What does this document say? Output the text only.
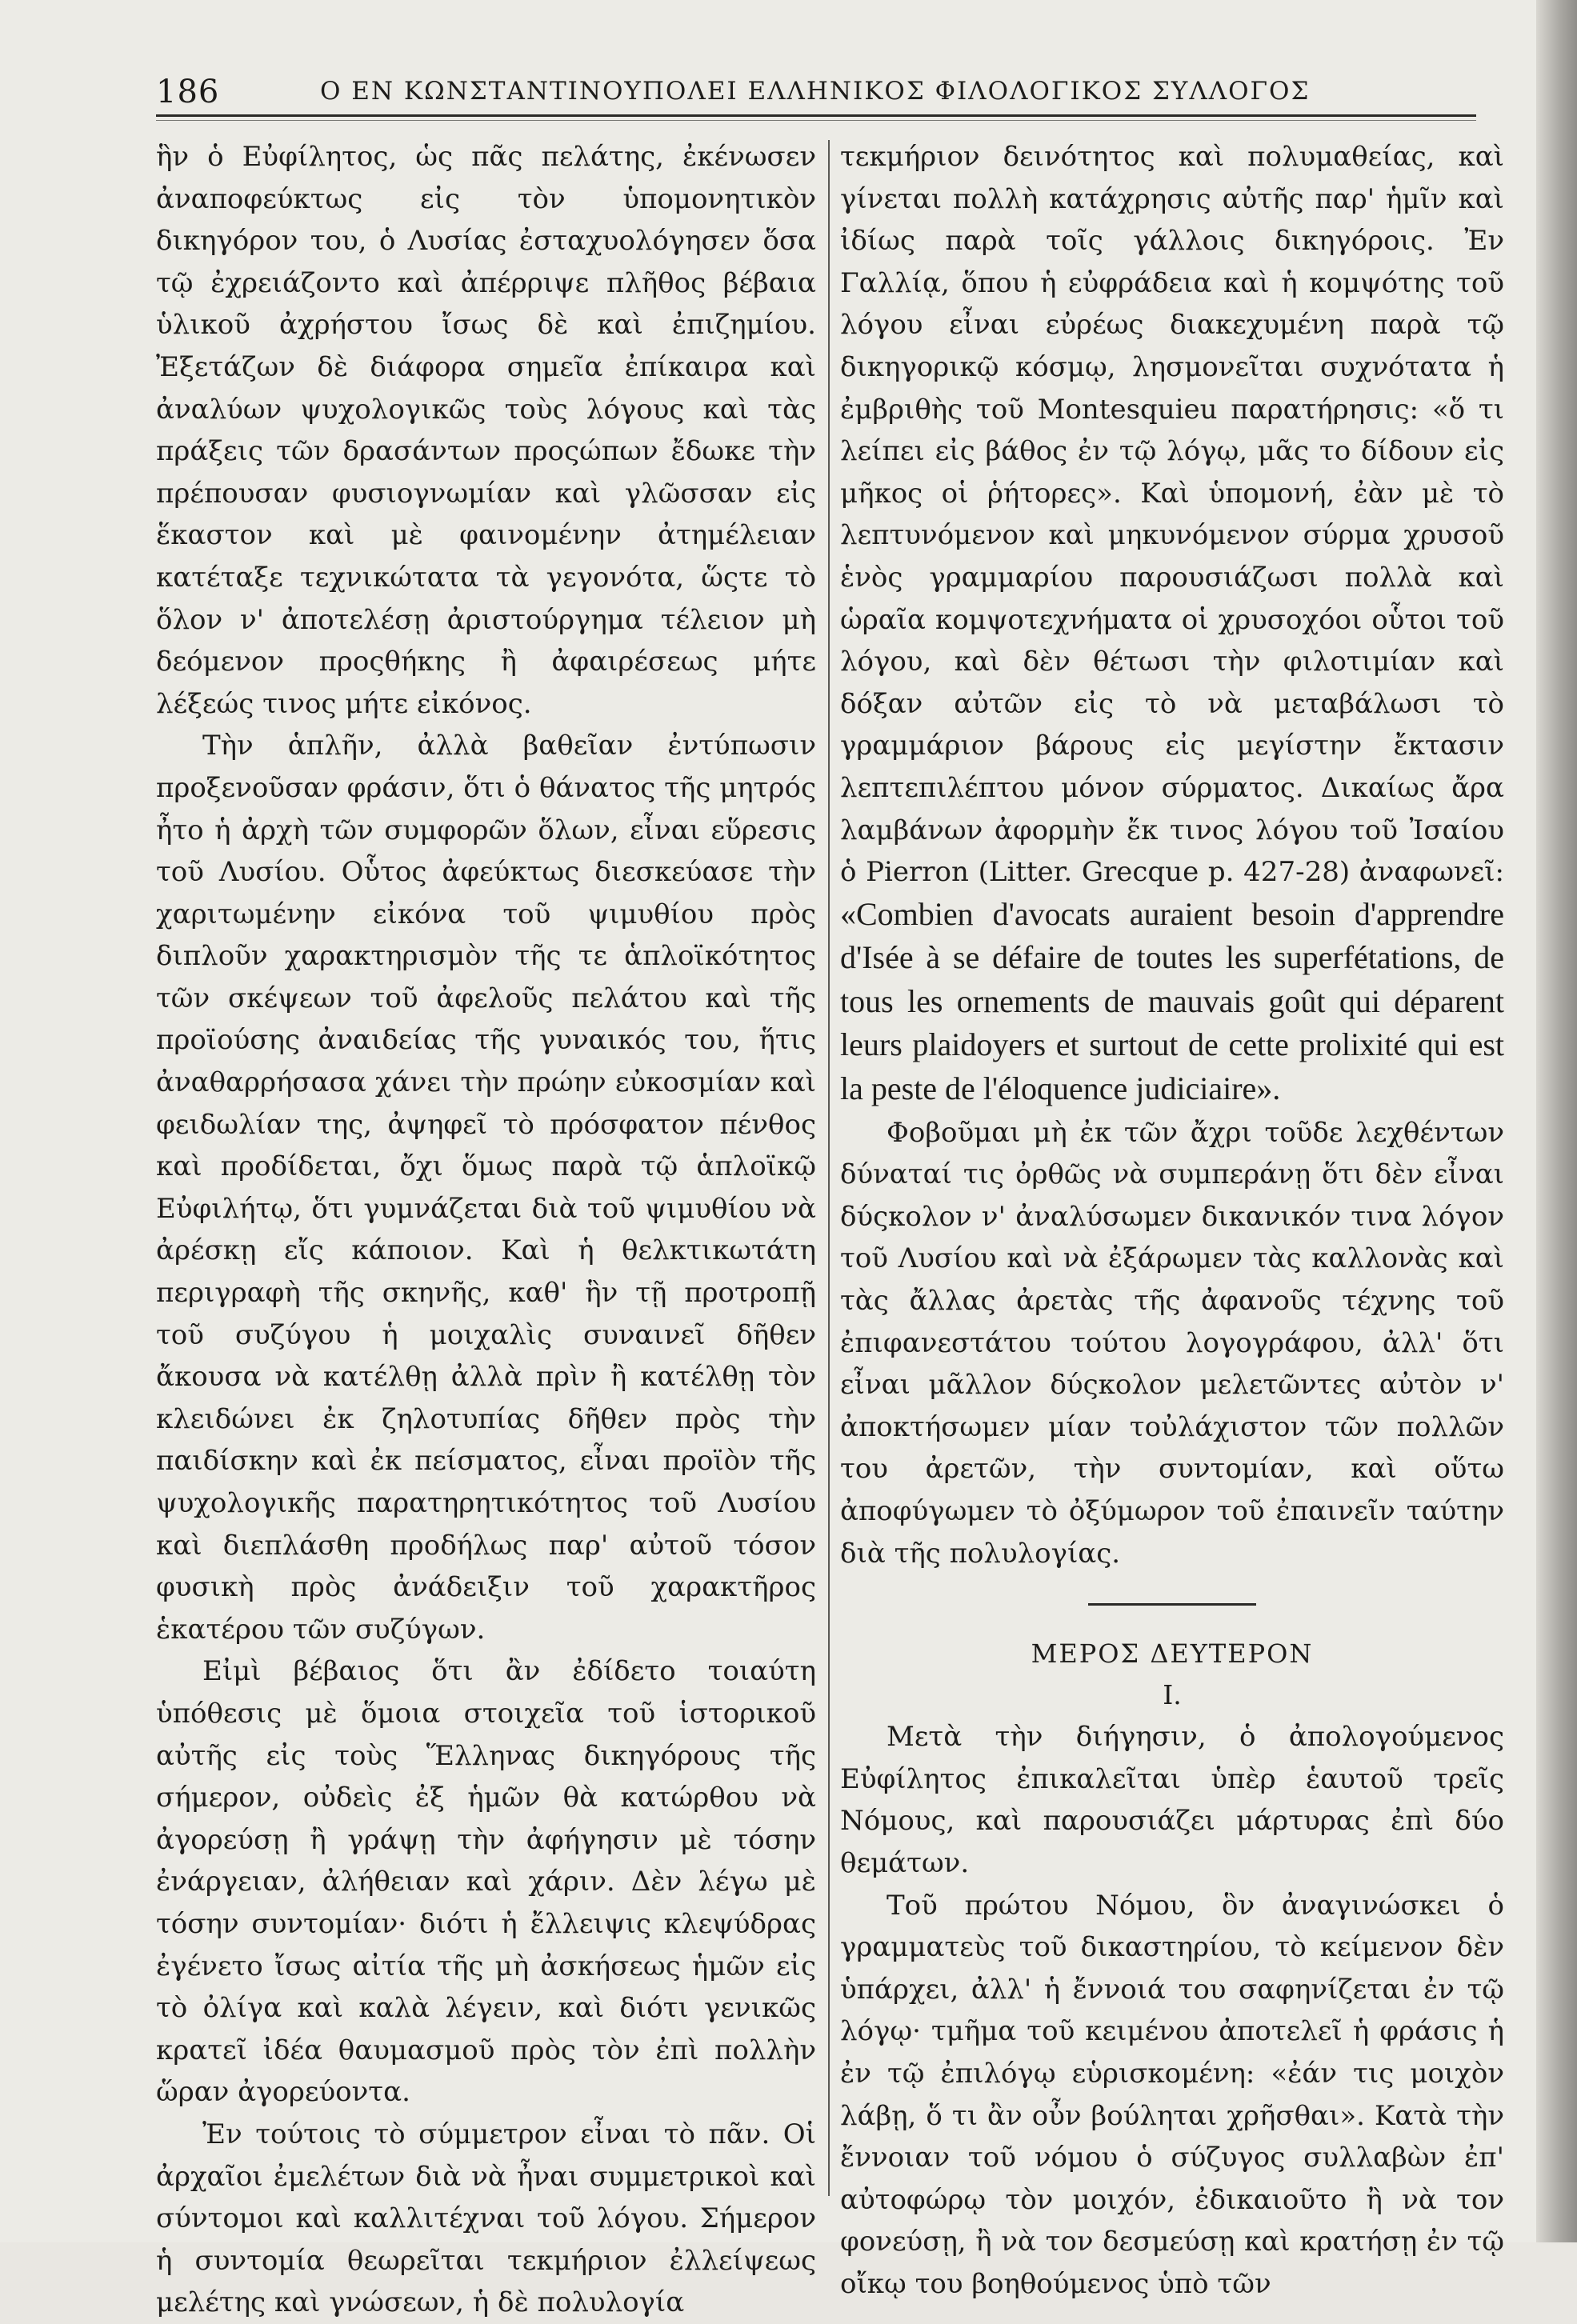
186	Ο ΕΝ ΚΩΝΣΤΑΝΤΙΝΟΥΠΟΛΕΙ ΕΛΛΗΝΙΚΟΣ ΦΙΛΟΛΟΓΙΚΟΣ ΣΥΛΛΟΓΟΣ

ἣν ὁ Εὐφίλητος, ὡς πᾶς πελάτης, ἐκένωσεν ἀναποφεύκτως εἰς τὸν ὑπομονητικὸν δικηγόρον του, ὁ Λυσίας ἐσταχυολόγησεν ὅσα τῷ ἐχρειάζοντο καὶ ἀπέρριψε πλῆθος βέβαια ὑλικοῦ ἀχρήστου ἴσως δὲ καὶ ἐπιζημίου. Ἐξετάζων δὲ διάφορα σημεῖα ἐπίκαιρα καὶ ἀναλύων ψυχολογικῶς τοὺς λόγους καὶ τὰς πράξεις τῶν δρασάντων προςώπων ἔδωκε τὴν πρέπουσαν φυσιογνωμίαν καὶ γλῶσσαν εἰς ἕκαστον καὶ μὲ φαινομένην ἀτημέλειαν κατέταξε τεχνικώτατα τὰ γεγονότα, ὥςτε τὸ ὅλον ν' ἀποτελέσῃ ἀριστούργημα τέλειον μὴ δεόμενον προςθήκης ἢ ἀφαιρέσεως μήτε λέξεώς τινος μήτε εἰκόνος.

Τὴν ἁπλῆν, ἀλλὰ βαθεῖαν ἐντύπωσιν προξενοῦσαν φράσιν, ὅτι ὁ θάνατος τῆς μητρός ἦτο ἡ ἀρχὴ τῶν συμφορῶν ὅλων, εἶναι εὕρεσις τοῦ Λυσίου. Οὗτος ἀφεύκτως διεσκεύασε τὴν χαριτωμένην εἰκόνα τοῦ ψιμυθίου πρὸς διπλοῦν χαρακτηρισμὸν τῆς τε ἁπλοϊκότητος τῶν σκέψεων τοῦ ἀφελοῦς πελάτου καὶ τῆς προϊούσης ἀναιδείας τῆς γυναικός του, ἥτις ἀναθαρρήσασα χάνει τὴν πρώην εὐκοσμίαν καὶ φειδωλίαν της, ἀψηφεῖ τὸ πρόσφατον πένθος καὶ προδίδεται, ὄχι ὅμως παρὰ τῷ ἁπλοϊκῷ Εὐφιλήτῳ, ὅτι γυμνάζεται διὰ τοῦ ψιμυθίου νὰ ἀρέσκῃ εἴς κάποιον. Καὶ ἡ θελκτικωτάτη περιγραφὴ τῆς σκηνῆς, καθ' ἣν τῇ προτροπῇ τοῦ συζύγου ἡ μοιχαλὶς συναινεῖ δῆθεν ἄκουσα νὰ κατέλθῃ ἀλλὰ πρὶν ἢ κατέλθῃ τὸν κλειδώνει ἐκ ζηλοτυπίας δῆθεν πρὸς τὴν παιδίσκην καὶ ἐκ πείσματος, εἶναι προϊὸν τῆς ψυχολογικῆς παρατηρητικότητος τοῦ Λυσίου καὶ διεπλάσθη προδήλως παρ' αὐτοῦ τόσον φυσικὴ πρὸς ἀνάδειξιν τοῦ χαρακτῆρος ἑκατέρου τῶν συζύγων.

Εἰμὶ βέβαιος ὅτι ἂν ἐδίδετο τοιαύτη ὑπόθεσις μὲ ὅμοια στοιχεῖα τοῦ ἱστορικοῦ αὐτῆς εἰς τοὺς Ἕλληνας δικηγόρους τῆς σήμερον, οὐδεὶς ἐξ ἡμῶν θὰ κατώρθου νὰ ἀγορεύσῃ ἢ γράψῃ τὴν ἀφήγησιν μὲ τόσην ἐνάργειαν, ἀλήθειαν καὶ χάριν. Δὲν λέγω μὲ τόσην συντομίαν· διότι ἡ ἔλλειψις κλεψύδρας ἐγένετο ἴσως αἰτία τῆς μὴ ἀσκήσεως ἡμῶν εἰς τὸ ὀλίγα καὶ καλὰ λέγειν, καὶ διότι γενικῶς κρατεῖ ἰδέα θαυμασμοῦ πρὸς τὸν ἐπὶ πολλὴν ὥραν ἀγορεύοντα.

Ἐν τούτοις τὸ σύμμετρον εἶναι τὸ πᾶν. Οἱ ἀρχαῖοι ἐμελέτων διὰ νὰ ἦναι συμμετρικοὶ καὶ σύντομοι καὶ καλλιτέχναι τοῦ λόγου. Σήμερον ἡ συντομία θεωρεῖται τεκμήριον ἐλλείψεως μελέτης καὶ γνώσεων, ἡ δὲ πολυλογία

τεκμήριον δεινότητος καὶ πολυμαθείας, καὶ γίνεται πολλὴ κατάχρησις αὐτῆς παρ' ἡμῖν καὶ ἰδίως παρὰ τοῖς γάλλοις δικηγόροις. Ἐν Γαλλίᾳ, ὅπου ἡ εὐφράδεια καὶ ἡ κομψότης τοῦ λόγου εἶναι εὐρέως διακεχυμένη παρὰ τῷ δικηγορικῷ κόσμῳ, λησμονεῖται συχνότατα ἡ ἐμβριθὴς τοῦ Montesquieu παρατήρησις: «ὅ τι λείπει εἰς βάθος ἐν τῷ λόγῳ, μᾶς το δίδουν εἰς μῆκος οἱ ῥήτορες». Καὶ ὑπομονή, ἐὰν μὲ τὸ λεπτυνόμενον καὶ μηκυνόμενον σύρμα χρυσοῦ ἑνὸς γραμμαρίου παρουσιάζωσι πολλὰ καὶ ὡραῖα κομψοτεχνήματα οἱ χρυσοχόοι οὗτοι τοῦ λόγου, καὶ δὲν θέτωσι τὴν φιλοτιμίαν καὶ δόξαν αὐτῶν εἰς τὸ νὰ μεταβάλωσι τὸ γραμμάριον βάρους εἰς μεγίστην ἔκτασιν λεπτεπιλέπτου μόνον σύρματος. Δικαίως ἄρα λαμβάνων ἀφορμὴν ἔκ τινος λόγου τοῦ Ἰσαίου ὁ Pierron (Litter. Grecque p. 427-28) ἀναφωνεῖ: «Combien d'avocats auraient besoin d'apprendre d'Isée à se défaire de toutes les superfétations, de tous les ornements de mauvais goût qui déparent leurs plaidoyers et surtout de cette prolixité qui est la peste de l'éloquence judiciaire».

Φοβοῦμαι μὴ ἐκ τῶν ἄχρι τοῦδε λεχθέντων δύναταί τις ὀρθῶς νὰ συμπεράνῃ ὅτι δὲν εἶναι δύςκολον ν' ἀναλύσωμεν δικανικόν τινα λόγον τοῦ Λυσίου καὶ νὰ ἐξάρωμεν τὰς καλλονὰς καὶ τὰς ἄλλας ἀρετὰς τῆς ἀφανοῦς τέχνης τοῦ ἐπιφανεστάτου τούτου λογογράφου, ἀλλ' ὅτι εἶναι μᾶλλον δύςκολον μελετῶντες αὐτὸν ν' ἀποκτήσωμεν μίαν τοὐλάχιστον τῶν πολλῶν του ἀρετῶν, τὴν συντομίαν, καὶ οὕτω ἀποφύγωμεν τὸ ὀξύμωρον τοῦ ἐπαινεῖν ταύτην διὰ τῆς πολυλογίας.

ΜΕΡΟΣ ΔΕΥΤΕΡΟΝ
Ι.

Μετὰ τὴν διήγησιν, ὁ ἀπολογούμενος Εὐφίλητος ἐπικαλεῖται ὑπὲρ ἑαυτοῦ τρεῖς Νόμους, καὶ παρουσιάζει μάρτυρας ἐπὶ δύο θεμάτων.

Τοῦ πρώτου Νόμου, ὃν ἀναγινώσκει ὁ γραμματεὺς τοῦ δικαστηρίου, τὸ κείμενον δὲν ὑπάρχει, ἀλλ' ἡ ἔννοιά του σαφηνίζεται ἐν τῷ λόγῳ· τμῆμα τοῦ κειμένου ἀποτελεῖ ἡ φράσις ἡ ἐν τῷ ἐπιλόγῳ εὑρισκομένη: «ἐάν τις μοιχὸν λάβῃ, ὅ τι ἂν οὖν βούληται χρῆσθαι». Κατὰ τὴν ἔννοιαν τοῦ νόμου ὁ σύζυγος συλλαβὼν ἐπ' αὐτοφώρῳ τὸν μοιχόν, ἐδικαιοῦτο ἢ νὰ τον φονεύσῃ, ἢ νὰ τον δεσμεύσῃ καὶ κρατήσῃ ἐν τῷ οἴκῳ του βοηθούμενος ὑπὸ τῶν
